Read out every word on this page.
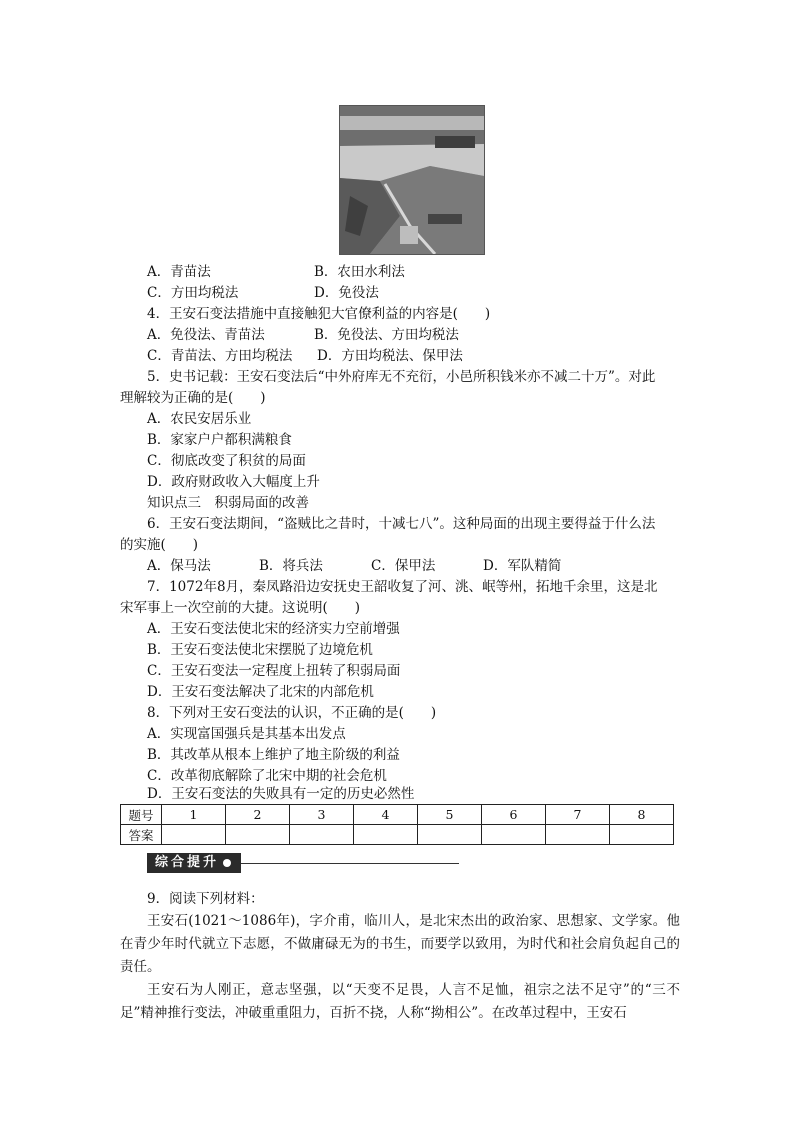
A．青苗法	B．农田水利法
C．方田均税法	D．免役法
4．王安石变法措施中直接触犯大官僚利益的内容是(　　)
A．免役法、青苗法	B．免役法、方田均税法
C．青苗法、方田均税法	D．方田均税法、保甲法
5．史书记载：王安石变法后“中外府库无不充衍，小邑所积钱米亦不减二十万”。对此
理解较为正确的是(　　)
A．农民安居乐业
B．家家户户都积满粮食
C．彻底改变了积贫的局面
D．政府财政收入大幅度上升
知识点三　积弱局面的改善
6．王安石变法期间，“盗贼比之昔时，十减七八”。这种局面的出现主要得益于什么法
的实施(　　)
A．保马法	B．将兵法	C．保甲法	D．军队精简
7．1072年8月，秦凤路沿边安抚史王韶收复了河、洮、岷等州，拓地千余里，这是北
宋军事上一次空前的大捷。这说明(　　)
A．王安石变法使北宋的经济实力空前增强
B．王安石变法使北宋摆脱了边境危机
C．王安石变法一定程度上扭转了积弱局面
D．王安石变法解决了北宋的内部危机
8．下列对王安石变法的认识，不正确的是(　　)
A．实现富国强兵是其基本出发点
B．其改革从根本上维护了地主阶级的利益
C．改革彻底解除了北宋中期的社会危机
D．王安石变法的失败具有一定的历史必然性
题号	1	2	3	4	5	6	7	8
答案								
综合提升
9．阅读下列材料：
王安石(1021～1086年)，字介甫，临川人，是北宋杰出的政治家、思想家、文学家。他在青少年时代就立下志愿，不做庸碌无为的书生，而要学以致用，为时代和社会肩负起自己的责任。
王安石为人刚正，意志坚强，以“天变不足畏，人言不足恤，祖宗之法不足守”的“三不足”精神推行变法，冲破重重阻力，百折不挠，人称“拗相公”。在改革过程中，王安石
